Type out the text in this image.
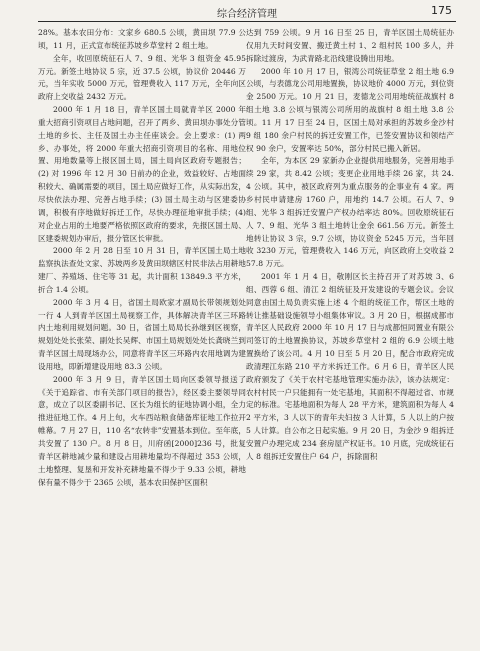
综合经济管理	175

28%。基本农田分布：文家乡 680.5 公顷，黄田坝 77.9 公顷，11 月，正式宣布统征苏坡乡草堂村 2 组土地。

全年，收回原统征石人 7、9 组、光华 3 组资金 45.95 万元。新签土地协议 5 宗，近 37.5 公顷，协议价 20446 万元，当年实收 5000 万元，管理费收入 117 万元，全年向区政府上交收益 2432 万元。

2000 年 1 月 18 日，青羊区国土局就青羊区 2000 年重大招商引资项目占地问题，召开了两乡、黄田坝办事处分管土地的乡长、主任及国土办主任座谈会。会上要求：(1) 两乡、办事处，将 2000 年重大招商引资项目的名称、用地位置、用地数量等上报区国土局，国土局向区政府专题报告；(2) 对 1996 年 12 月 30 日前办的企业，效益较好、占地面积较大、确属需要的项目，国土局应做好工作，从实际出发，尽快依法办理、完善占地手续；(3) 国土局主动与区建委协调，积极有序地做好拆迁工作，尽快办理征地审批手续；(4) 对企业占用的土地要严格依照区政府的要求，先报区国土局、区建委规划办审后，报分管区长审批。

2000 年 2 月 28 日至 10 月 31 日，青羊区国土局土地监察执法查处文家、苏坡两乡及黄田坝辖区村民非法占用耕地建厂、养殖场、住宅等 31 起，共计面积 13849.3 平方米，折合 1.4 公顷。

2000 年 3 月 4 日，省国土局欧家才副局长带领规划处一行 4 人到青羊区国土局视察工作，具体解决青羊区三环路内土地利用规划问题。30 日，省国土局局长孙继到区视察，规划处处长张荣、副处长吴辉、市国土局规划处处长龚晓兰到青羊区国土局现场办公，同意将青羊区三环路内农用地调为建设用地，即新增建设用地 83.3 公顷。

2000 年 3 月 9 日，青羊区国土局向区委领导报送了《关于追踪省、市有关部门项目的报告》，经区委主要领导同意，成立了以区委副书记、区长为组长的征地协调小组，全力推进征地工作。4 月上旬，火车西站粮食储备库征地工作拉开帷幕。7 月 27 日，110 名“农转非”安置基本到位。至年底，共安置了 130 户。8 月 8 日，川府函[2000]236 号，批复青羊区耕地减少量和建设占用耕地量均不得超过 353 公顷，土地整理、复垦和开发补充耕地量不得少于 9.33 公顷，耕地保有量不得少于 2365 公顷，基本农田保护区面积

达到 759 公顷。9 月 16 日至 25 日，青羊区国土局统征办仅用九天时间安置、搬迁黄土村 1、2 组村民 100 多人，并拆除过渡房，为武青路北沿线建设腾出用地。

2000 年 10 月 17 日，银湾公司统征草堂 2 组土地 6.9 公顷，与表德龙公司用地置换，协议地价 4000 万元，到位资金 2500 万元。10 月 21 日，麦德龙公司用地统征战旗村 8 组土地 3.8 公顷与银湾公司所用的战旗村 8 组土地 3.8 公顷。11 月 17 日至 24 日，区国土局对承担的苏坡乡金沙村 9 组 180 余户村民的拆迁安置工作，已签安置协议和领结产权 90 余户，安置率达 50%，部分村民已搬入新居。

全年，为本区 29 家新办企业提供用地服务，完善用地手续 29 家，共 8.42 公顷；变更企业用地手续 26 家，共 24.4 公顷。其中，被区政府列为重点服务的企事业有 4 家。两乡村民申请建房 1760 户，用地约 14.7 公顷。石人 7、9 组、光华 3 组拆迁安置户产权办结率达 80%。回收原统征石人 7、9 组、光华 3 组土地转让金余 661.56 万元。新签土地转让协议 3 宗，9.7 公顷，协议资金 5245 万元，当年回收 3230 万元，管理费收入 146 万元，向区政府上交收益 257.8 万元。

2001 年 1 月 4 日，敬刚区长主持召开了对苏坡 3、6 组、西蓉 6 组、清江 2 组统征及开发建设的专题会议。会议同意由国土局负责实施上述 4 个组的统征工作，帮区土地的转让推基础设施领导小组集体审议。3 月 20 日，根据成都市青羊区人民政府 2000 年 10 月 17 日与成都恒同置业有限公司签订的土地置换协议，苏坡乡草堂村 2 组的 6.9 公顷土地置换给了该公司。4 月 10 日至 5 月 20 日，配合市政府完成政清理江东路 210 平方米拆迁工作。6 月 6 日，青羊区人民政府颁发了《关于农村宅基地管理实施办法》，该办法规定：农村村民一户只能拥有一处宅基地，其面积不得超过省、市规定的标准。宅基地面积为每人 28 平方米，建筑面积为每人 42 平方米，3 人以下的青年夫妇按 3 人计算，5 人以上的户按 5 人计算。自公布之日起实施。9 月 20 日，为金沙 9 组拆迁安置户办理完成 234 套房屋产权证书。10 月底，完成统征石人 8 组拆迁安置住户 64 户，拆除面积
